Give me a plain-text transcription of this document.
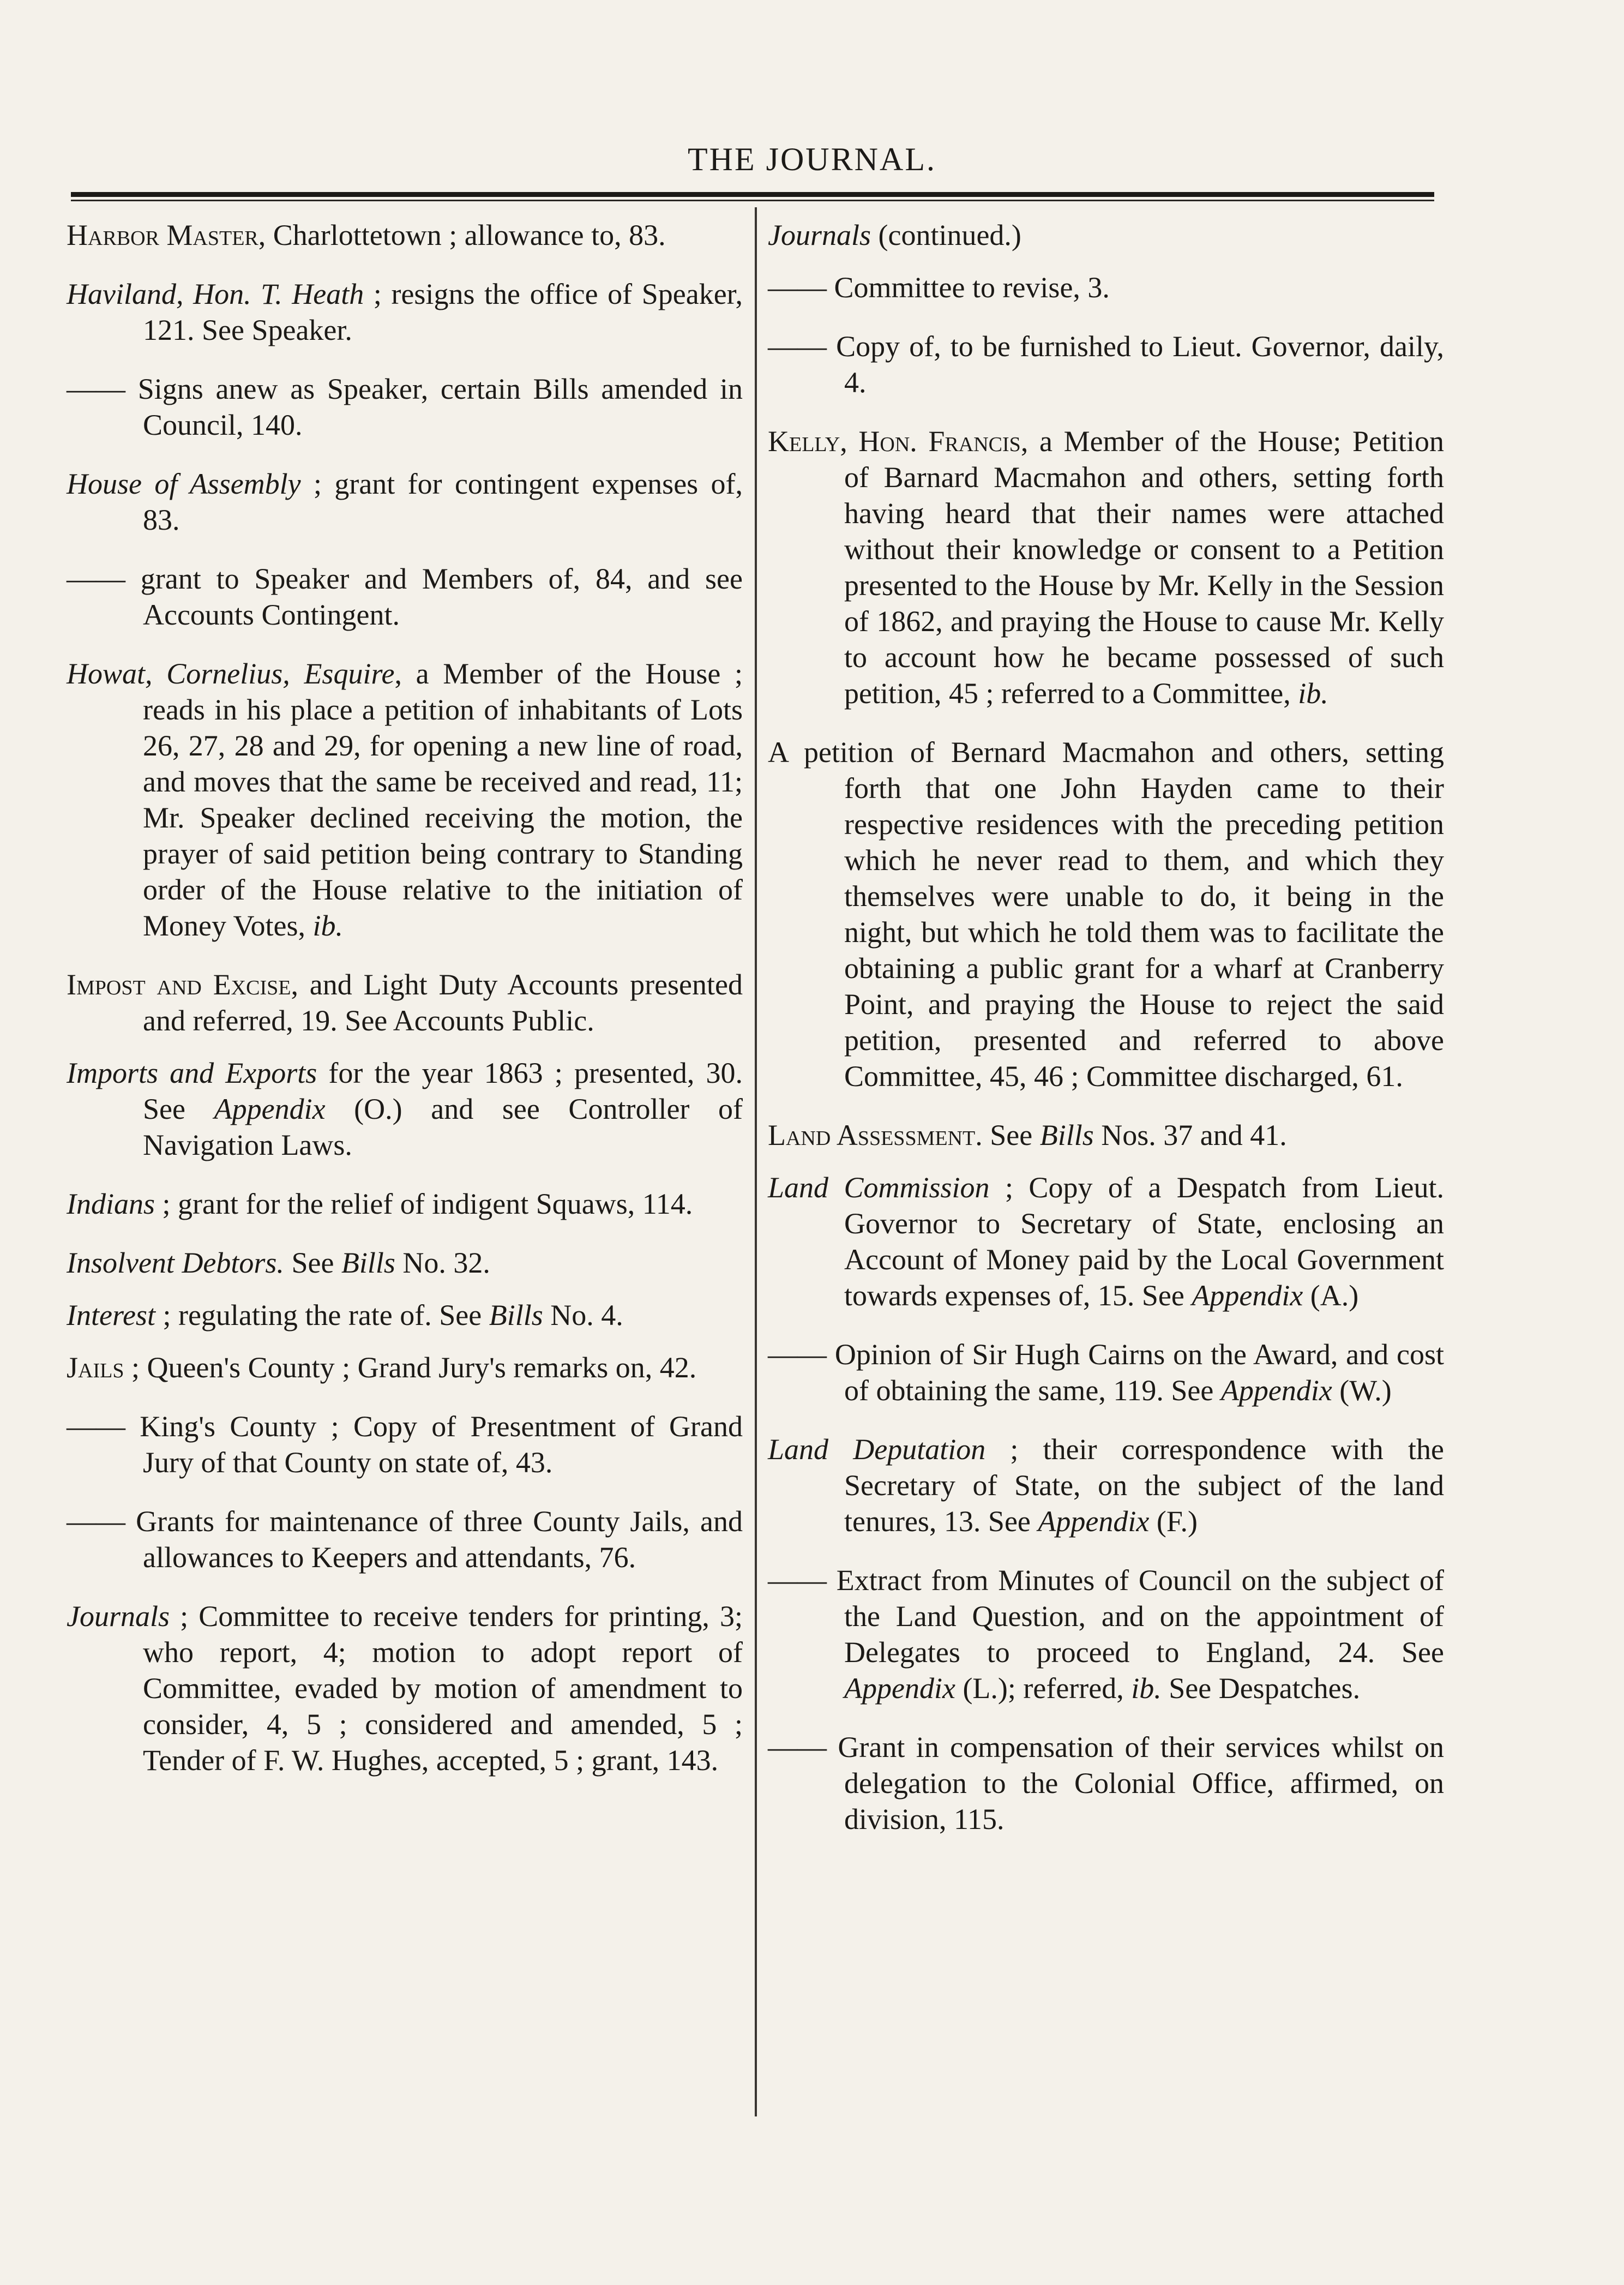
THE JOURNAL.

Harbor Master, Charlottetown ; allowance to, 83.

Haviland, Hon. T. Heath ; resigns the office of Speaker, 121. See Speaker.

—— Signs anew as Speaker, certain Bills amended in Council, 140.

House of Assembly ; grant for contingent expenses of, 83.

—— grant to Speaker and Members of, 84, and see Accounts Contingent.

Howat, Cornelius, Esquire, a Member of the House ; reads in his place a petition of inhabitants of Lots 26, 27, 28 and 29, for opening a new line of road, and moves that the same be received and read, 11; Mr. Speaker declined receiving the motion, the prayer of said petition being contrary to Standing order of the House relative to the initiation of Money Votes, ib.

Impost and Excise, and Light Duty Accounts presented and referred, 19. See Accounts Public.

Imports and Exports for the year 1863 ; presented, 30. See Appendix (O.) and see Controller of Navigation Laws.

Indians ; grant for the relief of indigent Squaws, 114.

Insolvent Debtors. See Bills No. 32.

Interest ; regulating the rate of. See Bills No. 4.

Jails ; Queen's County ; Grand Jury's remarks on, 42.

—— King's County ; Copy of Presentment of Grand Jury of that County on state of, 43.

—— Grants for maintenance of three County Jails, and allowances to Keepers and attendants, 76.

Journals ; Committee to receive tenders for printing, 3; who report, 4; motion to adopt report of Committee, evaded by motion of amendment to consider, 4, 5 ; considered and amended, 5 ; Tender of F. W. Hughes, accepted, 5 ; grant, 143.

Journals (continued.)

—— Committee to revise, 3.

—— Copy of, to be furnished to Lieut. Governor, daily, 4.

Kelly, Hon. Francis, a Member of the House; Petition of Barnard Macmahon and others, setting forth having heard that their names were attached without their knowledge or consent to a Petition presented to the House by Mr. Kelly in the Session of 1862, and praying the House to cause Mr. Kelly to account how he became possessed of such petition, 45 ; referred to a Committee, ib.

A petition of Bernard Macmahon and others, setting forth that one John Hayden came to their respective residences with the preceding petition which he never read to them, and which they themselves were unable to do, it being in the night, but which he told them was to facilitate the obtaining a public grant for a wharf at Cranberry Point, and praying the House to reject the said petition, presented and referred to above Committee, 45, 46 ; Committee discharged, 61.

Land Assessment. See Bills Nos. 37 and 41.

Land Commission ; Copy of a Despatch from Lieut. Governor to Secretary of State, enclosing an Account of Money paid by the Local Government towards expenses of, 15. See Appendix (A.)

—— Opinion of Sir Hugh Cairns on the Award, and cost of obtaining the same, 119. See Appendix (W.)

Land Deputation ; their correspondence with the Secretary of State, on the subject of the land tenures, 13. See Appendix (F.)

—— Extract from Minutes of Council on the subject of the Land Question, and on the appointment of Delegates to proceed to England, 24. See Appendix (L.); referred, ib. See Despatches.

—— Grant in compensation of their services whilst on delegation to the Colonial Office, affirmed, on division, 115.
